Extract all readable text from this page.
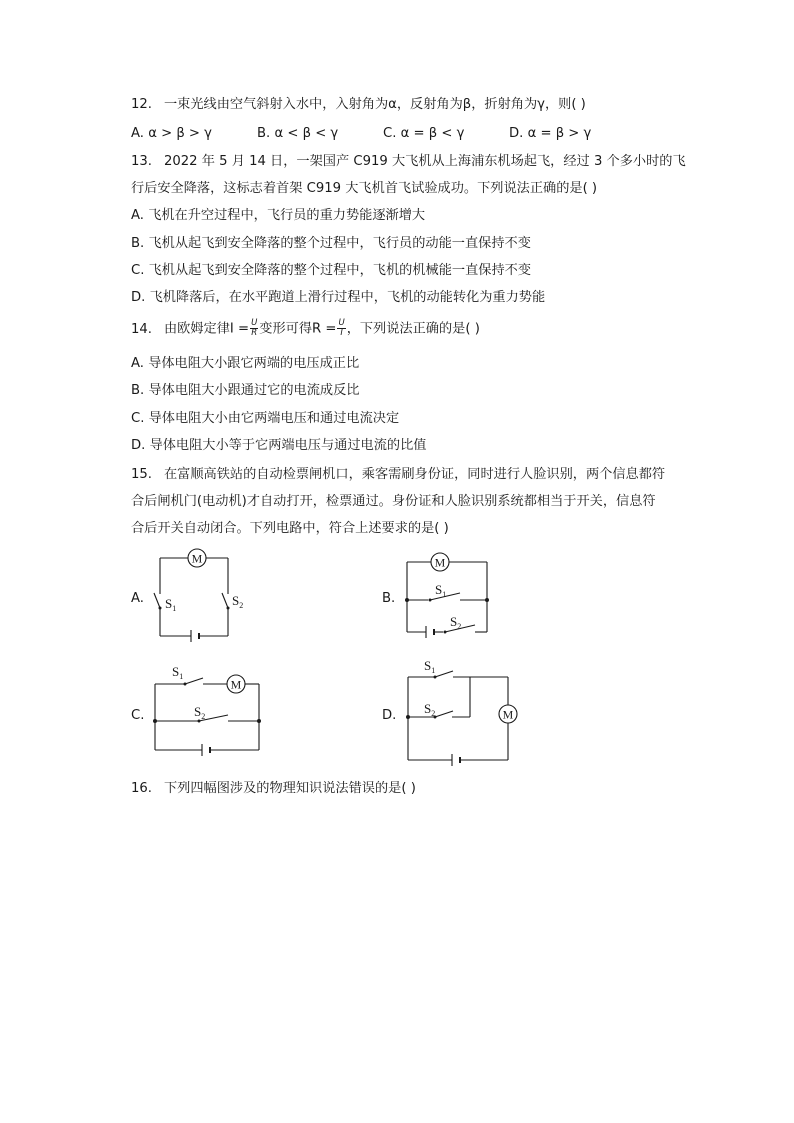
12. 一束光线由空气斜射入水中，入射角为α，反射角为β，折射角为γ，则( )
A. α > β > γ	B. α < β < γ	C. α = β < γ	D. α = β > γ
13. 2022 年 5 月 14 日，一架国产 C919 大飞机从上海浦东机场起飞，经过 3 个多小时的飞
行后安全降落，这标志着首架 C919 大飞机首飞试验成功。下列说法正确的是( )
A. 飞机在升空过程中，飞行员的重力势能逐渐增大
B. 飞机从起飞到安全降落的整个过程中，飞行员的动能一直保持不变
C. 飞机从起飞到安全降落的整个过程中，飞机的机械能一直保持不变
D. 飞机降落后，在水平跑道上滑行过程中，飞机的动能转化为重力势能
14. 由欧姆定律$I = \frac{U}{R}$ 变形可得$R = \frac{U}{I}$ ，下列说法正确的是( )
A. 导体电阻大小跟它两端的电压成正比
B. 导体电阻大小跟通过它的电流成反比
C. 导体电阻大小由它两端电压和通过电流决定
D. 导体电阻大小等于它两端电压与通过电流的比值
15. 在富顺高铁站的自动检票闸机口，乘客需刷身份证，同时进行人脸识别，两个信息都符
合后闸机门(电动机)才自动打开，检票通过。身份证和人脸识别系统都相当于开关，信息符
合后开关自动闭合。下列电路中，符合上述要求的是( )
A.
M
$S_1$
$S_2$	B.
M
$S_1$
$S_2$
C.
$S_1$
M
$S_2$	D.
$S_1$
$S_2$	M
16. 下列四幅图涉及的物理知识说法错误的是( )
